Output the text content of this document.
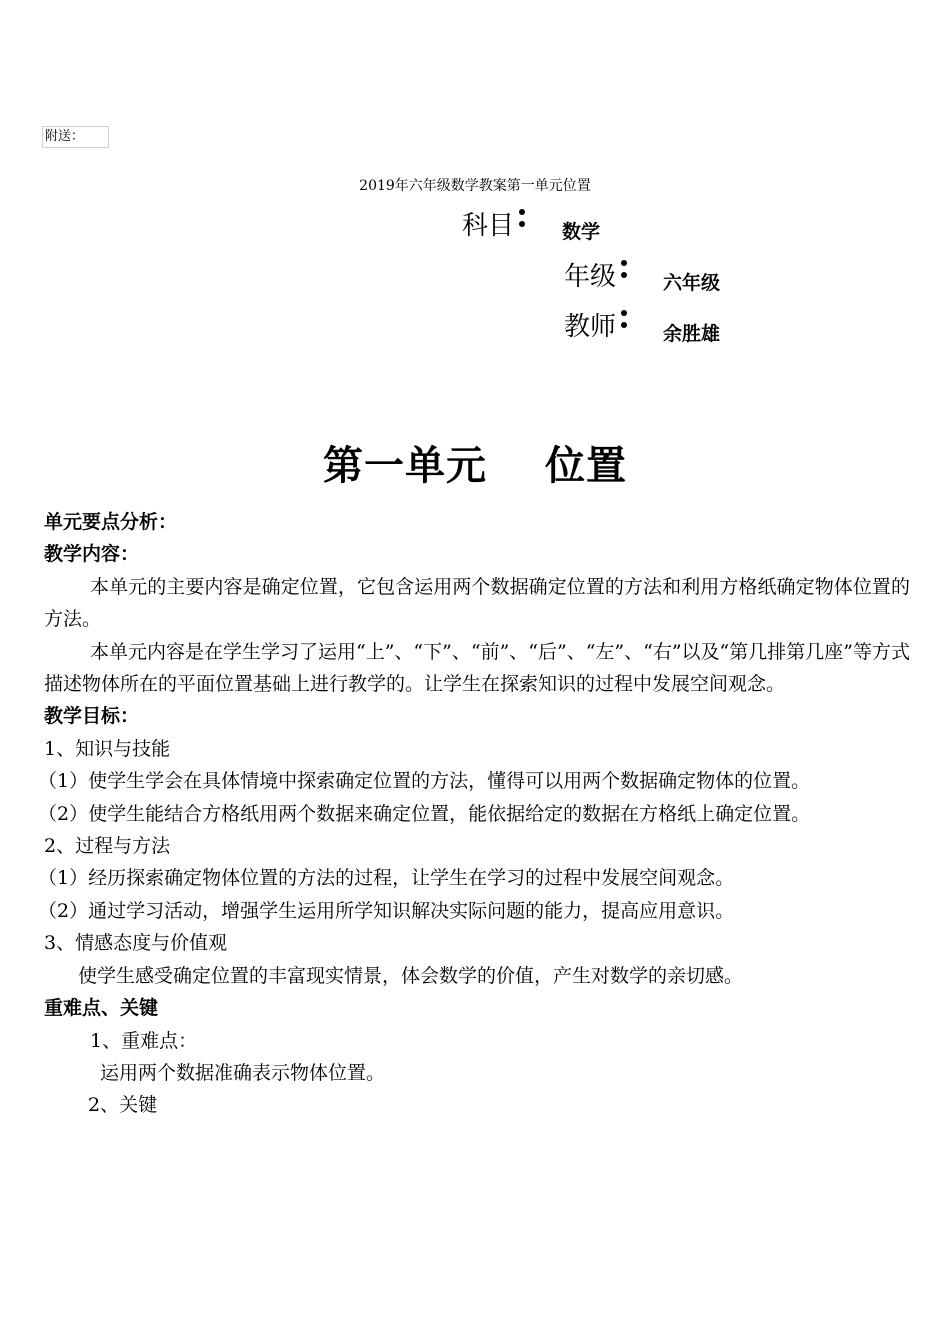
附送：
2019年六年级数学教案第一单元位置
科目	数学
年级	六年级
教师	余胜雄
第一单元 位置

单元要点分析：

教学内容：

本单元的主要内容是确定位置，它包含运用两个数据确定位置的方法和利用方格纸确定物体位置的方法。

本单元内容是在学生学习了运用“上”、“下”、“前”、“后”、“左”、“右”以及“第几排第几座”等方式描述物体所在的平面位置基础上进行教学的。让学生在探索知识的过程中发展空间观念。

教学目标：

1、知识与技能

（1）使学生学会在具体情境中探索确定位置的方法，懂得可以用两个数据确定物体的位置。

（2）使学生能结合方格纸用两个数据来确定位置，能依据给定的数据在方格纸上确定位置。

2、过程与方法

（1）经历探索确定物体位置的方法的过程，让学生在学习的过程中发展空间观念。

（2）通过学习活动，增强学生运用所学知识解决实际问题的能力，提高应用意识。

3、情感态度与价值观

使学生感受确定位置的丰富现实情景，体会数学的价值，产生对数学的亲切感。

重难点、关键

1、重难点：

运用两个数据准确表示物体位置。

2、关键
